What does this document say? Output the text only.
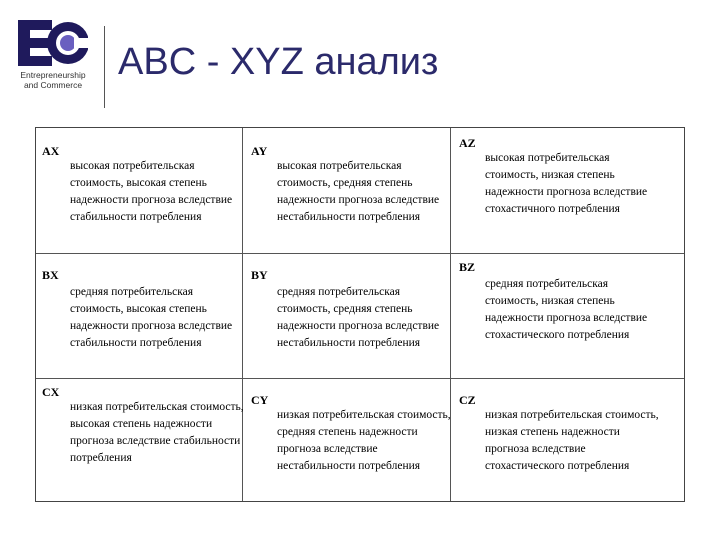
Entrepreneurship
and Commerce
ABC - XYZ анализ
AX
высокая потребительская стоимость, высокая степень надежности прогноза вследствие стабильности потребления
AY
высокая потребительская стоимость, средняя степень надежности прогноза вследствие нестабильности потребления
AZ
высокая потребительская стоимость, низкая степень надежности прогноза вследствие стохастичного потребления
BX
средняя потребительская стоимость, высокая степень надежности прогноза вследствие стабильности потребления
BY
средняя потребительская стоимость, средняя степень надежности прогноза вследствие нестабильности потребления
BZ
средняя потребительская стоимость, низкая степень надежности прогноза вследствие стохастического потребления
CX
низкая потребительская стоимость, высокая степень надежности прогноза вследствие стабильности потребления
CY
низкая потребительская стоимость, средняя степень надежности прогноза вследствие нестабильности потребления
CZ
низкая потребительская стоимость, низкая степень надежности прогноза вследствие стохастического потребления
